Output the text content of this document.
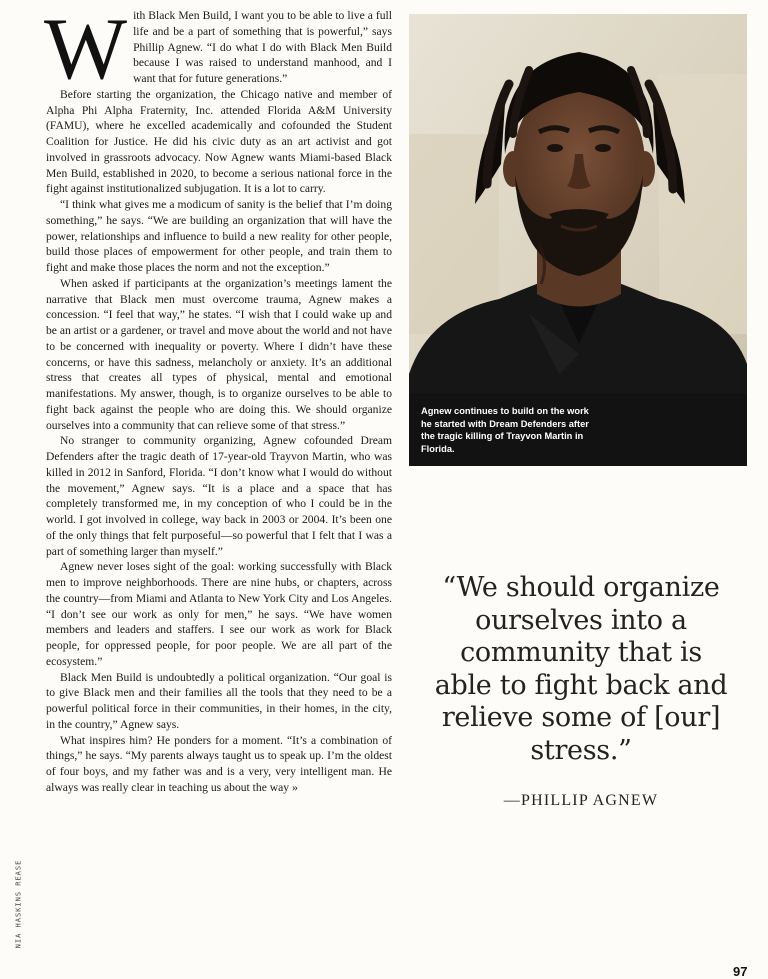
With Black Men Build, I want you to be able to live a full life and be a part of something that is powerful,” says Phillip Agnew. “I do what I do with Black Men Build because I was raised to understand manhood, and I want that for future generations.”

Before starting the organization, the Chicago native and member of Alpha Phi Alpha Fraternity, Inc. attended Florida A&M University (FAMU), where he excelled academically and cofounded the Student Coalition for Justice. He did his civic duty as an art activist and got involved in grassroots advocacy. Now Agnew wants Miami-based Black Men Build, established in 2020, to become a serious national force in the fight against institutionalized subjugation. It is a lot to carry.

“I think what gives me a modicum of sanity is the belief that I’m doing something,” he says. “We are building an organization that will have the power, relationships and influence to build a new reality for other people, build those places of empowerment for other people, and train them to fight and make those places the norm and not the exception.”

When asked if participants at the organization’s meetings lament the narrative that Black men must overcome trauma, Agnew makes a concession. “I feel that way,” he states. “I wish that I could wake up and be an artist or a gardener, or travel and move about the world and not have to be concerned with inequality or poverty. Where I didn’t have these concerns, or have this sadness, melancholy or anxiety. It’s an additional stress that creates all types of physical, mental and emotional manifestations. My answer, though, is to organize ourselves to be able to fight back against the people who are doing this. We should organize ourselves into a community that can relieve some of that stress.”

No stranger to community organizing, Agnew cofounded Dream Defenders after the tragic death of 17-year-old Trayvon Martin, who was killed in 2012 in Sanford, Florida. “I don’t know what I would do without the movement,” Agnew says. “It is a place and a space that has completely transformed me, in my conception of who I could be in the world. I got involved in college, way back in 2003 or 2004. It’s been one of the only things that felt purposeful—so powerful that I felt that I was a part of something larger than myself.”

Agnew never loses sight of the goal: working successfully with Black men to improve neighborhoods. There are nine hubs, or chapters, across the country—from Miami and Atlanta to New York City and Los Angeles. “I don’t see our work as only for men,” he says. “We have women members and leaders and staffers. I see our work as work for Black people, for oppressed people, for poor people. We are all part of the ecosystem.”

Black Men Build is undoubtedly a political organization. “Our goal is to give Black men and their families all the tools that they need to be a powerful political force in their communities, in their homes, in the city, in the country,” Agnew says.

What inspires him? He ponders for a moment. “It’s a combination of things,” he says. “My parents always taught us to speak up. I’m the oldest of four boys, and my father was and is a very, very intelligent man. He always was really clear in teaching us about the way »

Agnew continues to build on the work he started with Dream Defenders after the tragic killing of Trayvon Martin in Florida.
“We should organize ourselves into a community that is able to fight back and relieve some of [our] stress.”
—PHILLIP AGNEW
NIA HASKINS REASE
97
